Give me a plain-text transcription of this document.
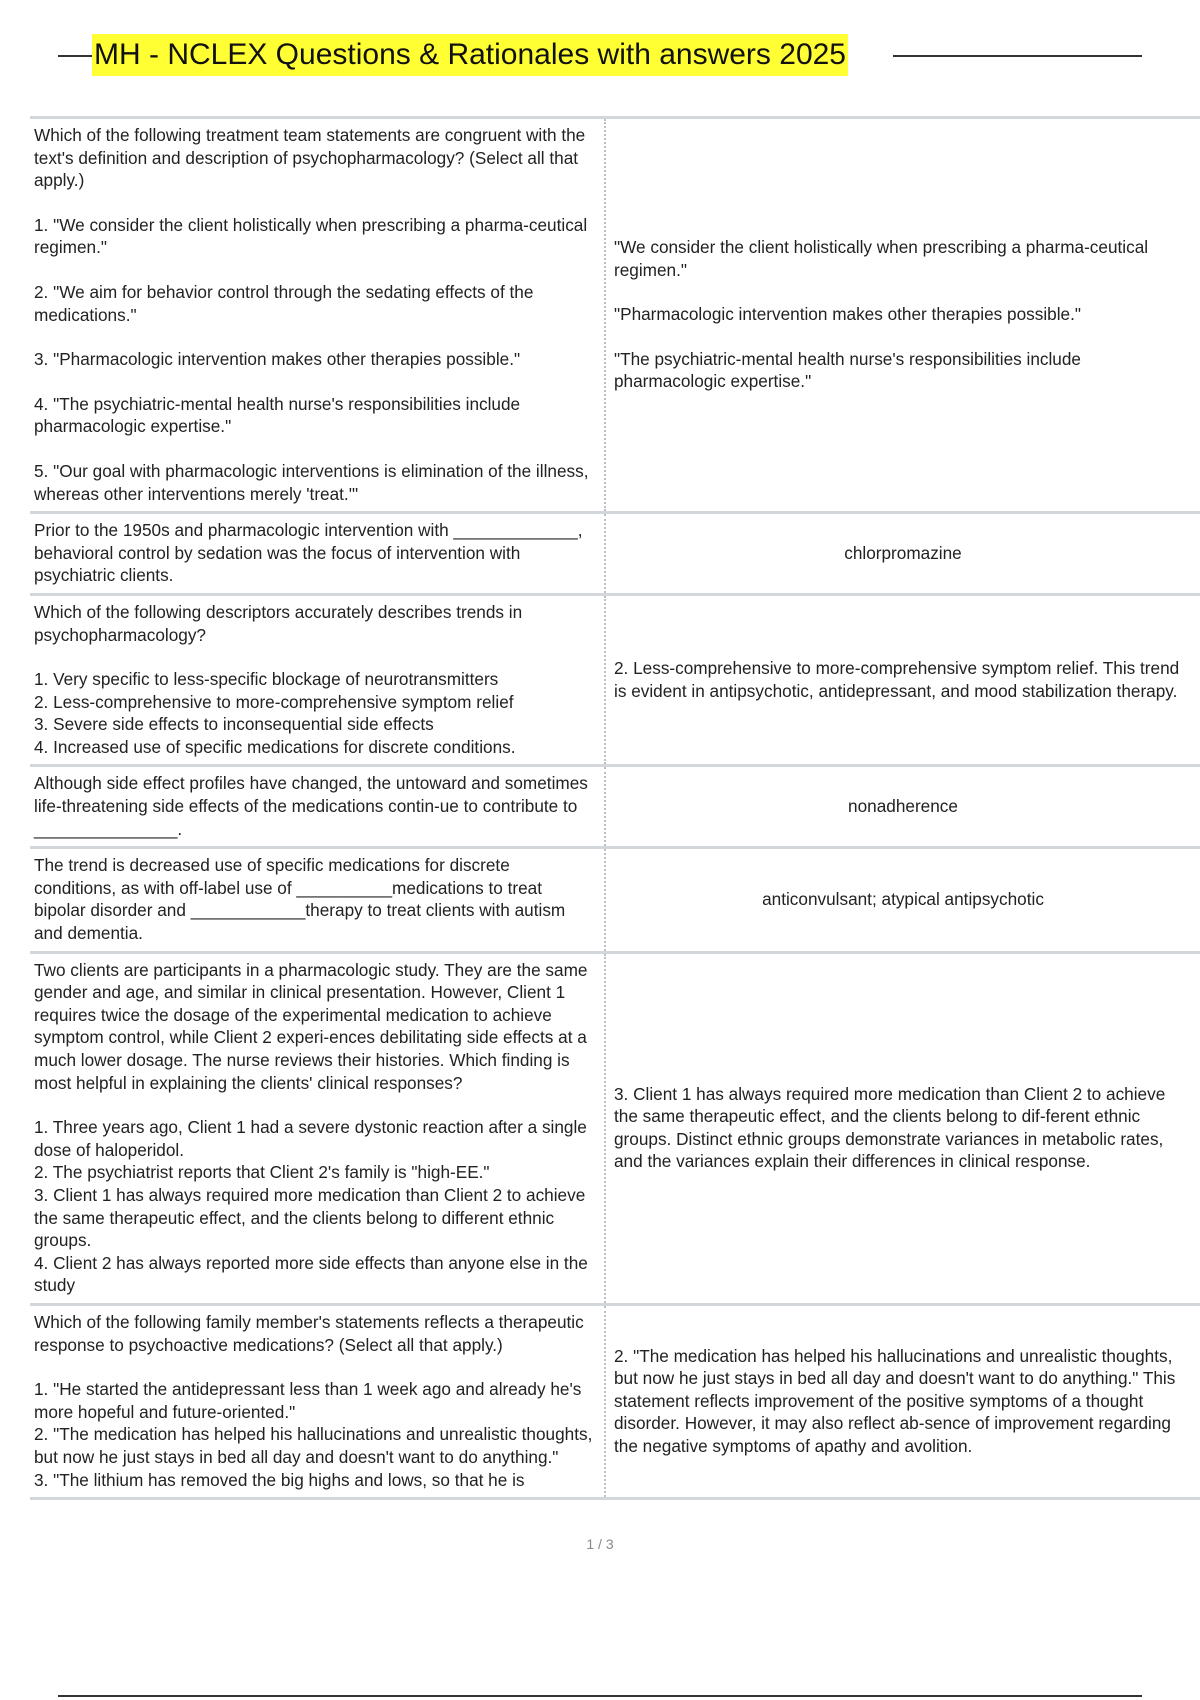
MH - NCLEX Questions & Rationales with answers 2025
Which of the following treatment team statements are congruent with the text's definition and description of psychopharmacology? (Select all that apply.)
1. "We consider the client holistically when prescribing a pharma-ceutical regimen."
2. "We aim for behavior control through the sedating effects of the medications."
3. "Pharmacologic intervention makes other therapies possible."
4. "The psychiatric-mental health nurse's responsibilities include pharmacologic expertise."
5. "Our goal with pharmacologic interventions is elimination of the illness, whereas other interventions merely 'treat.'"
"We consider the client holistically when prescribing a pharma-ceutical regimen."
"Pharmacologic intervention makes other therapies possible."
"The psychiatric-mental health nurse's responsibilities include pharmacologic expertise."
Prior to the 1950s and pharmacologic intervention with _____________, behavioral control by sedation was the focus of intervention with psychiatric clients.
chlorpromazine
Which of the following descriptors accurately describes trends in psychopharmacology?
1. Very specific to less-specific blockage of neurotransmitters
2. Less-comprehensive to more-comprehensive symptom relief
3. Severe side effects to inconsequential side effects
4. Increased use of specific medications for discrete conditions.
2. Less-comprehensive to more-comprehensive symptom relief. This trend is evident in antipsychotic, antidepressant, and mood stabilization therapy.
Although side effect profiles have changed, the untoward and sometimes life-threatening side effects of the medications contin-ue to contribute to _______________.
nonadherence
The trend is decreased use of specific medications for discrete conditions, as with off-label use of __________medications to treat bipolar disorder and ____________therapy to treat clients with autism and dementia.
anticonvulsant; atypical antipsychotic
Two clients are participants in a pharmacologic study. They are the same gender and age, and similar in clinical presentation. However, Client 1 requires twice the dosage of the experimental medication to achieve symptom control, while Client 2 experi-ences debilitating side effects at a much lower dosage. The nurse reviews their histories. Which finding is most helpful in explaining the clients' clinical responses?
1. Three years ago, Client 1 had a severe dystonic reaction after a single dose of haloperidol.
2. The psychiatrist reports that Client 2's family is "high-EE."
3. Client 1 has always required more medication than Client 2 to achieve the same therapeutic effect, and the clients belong to different ethnic groups.
4. Client 2 has always reported more side effects than anyone else in the study
3. Client 1 has always required more medication than Client 2 to achieve the same therapeutic effect, and the clients belong to dif-ferent ethnic groups. Distinct ethnic groups demonstrate variances in metabolic rates, and the variances explain their differences in clinical response.
Which of the following family member's statements reflects a therapeutic response to psychoactive medications? (Select all that apply.)
1. "He started the antidepressant less than 1 week ago and already he's more hopeful and future-oriented."
2. "The medication has helped his hallucinations and unrealistic thoughts, but now he just stays in bed all day and doesn't want to do anything."
3. "The lithium has removed the big highs and lows, so that he is
2. "The medication has helped his hallucinations and unrealistic thoughts, but now he just stays in bed all day and doesn't want to do anything." This statement reflects improvement of the positive symptoms of a thought disorder. However, it may also reflect ab-sence of improvement regarding the negative symptoms of apathy and avolition.
1 / 3
